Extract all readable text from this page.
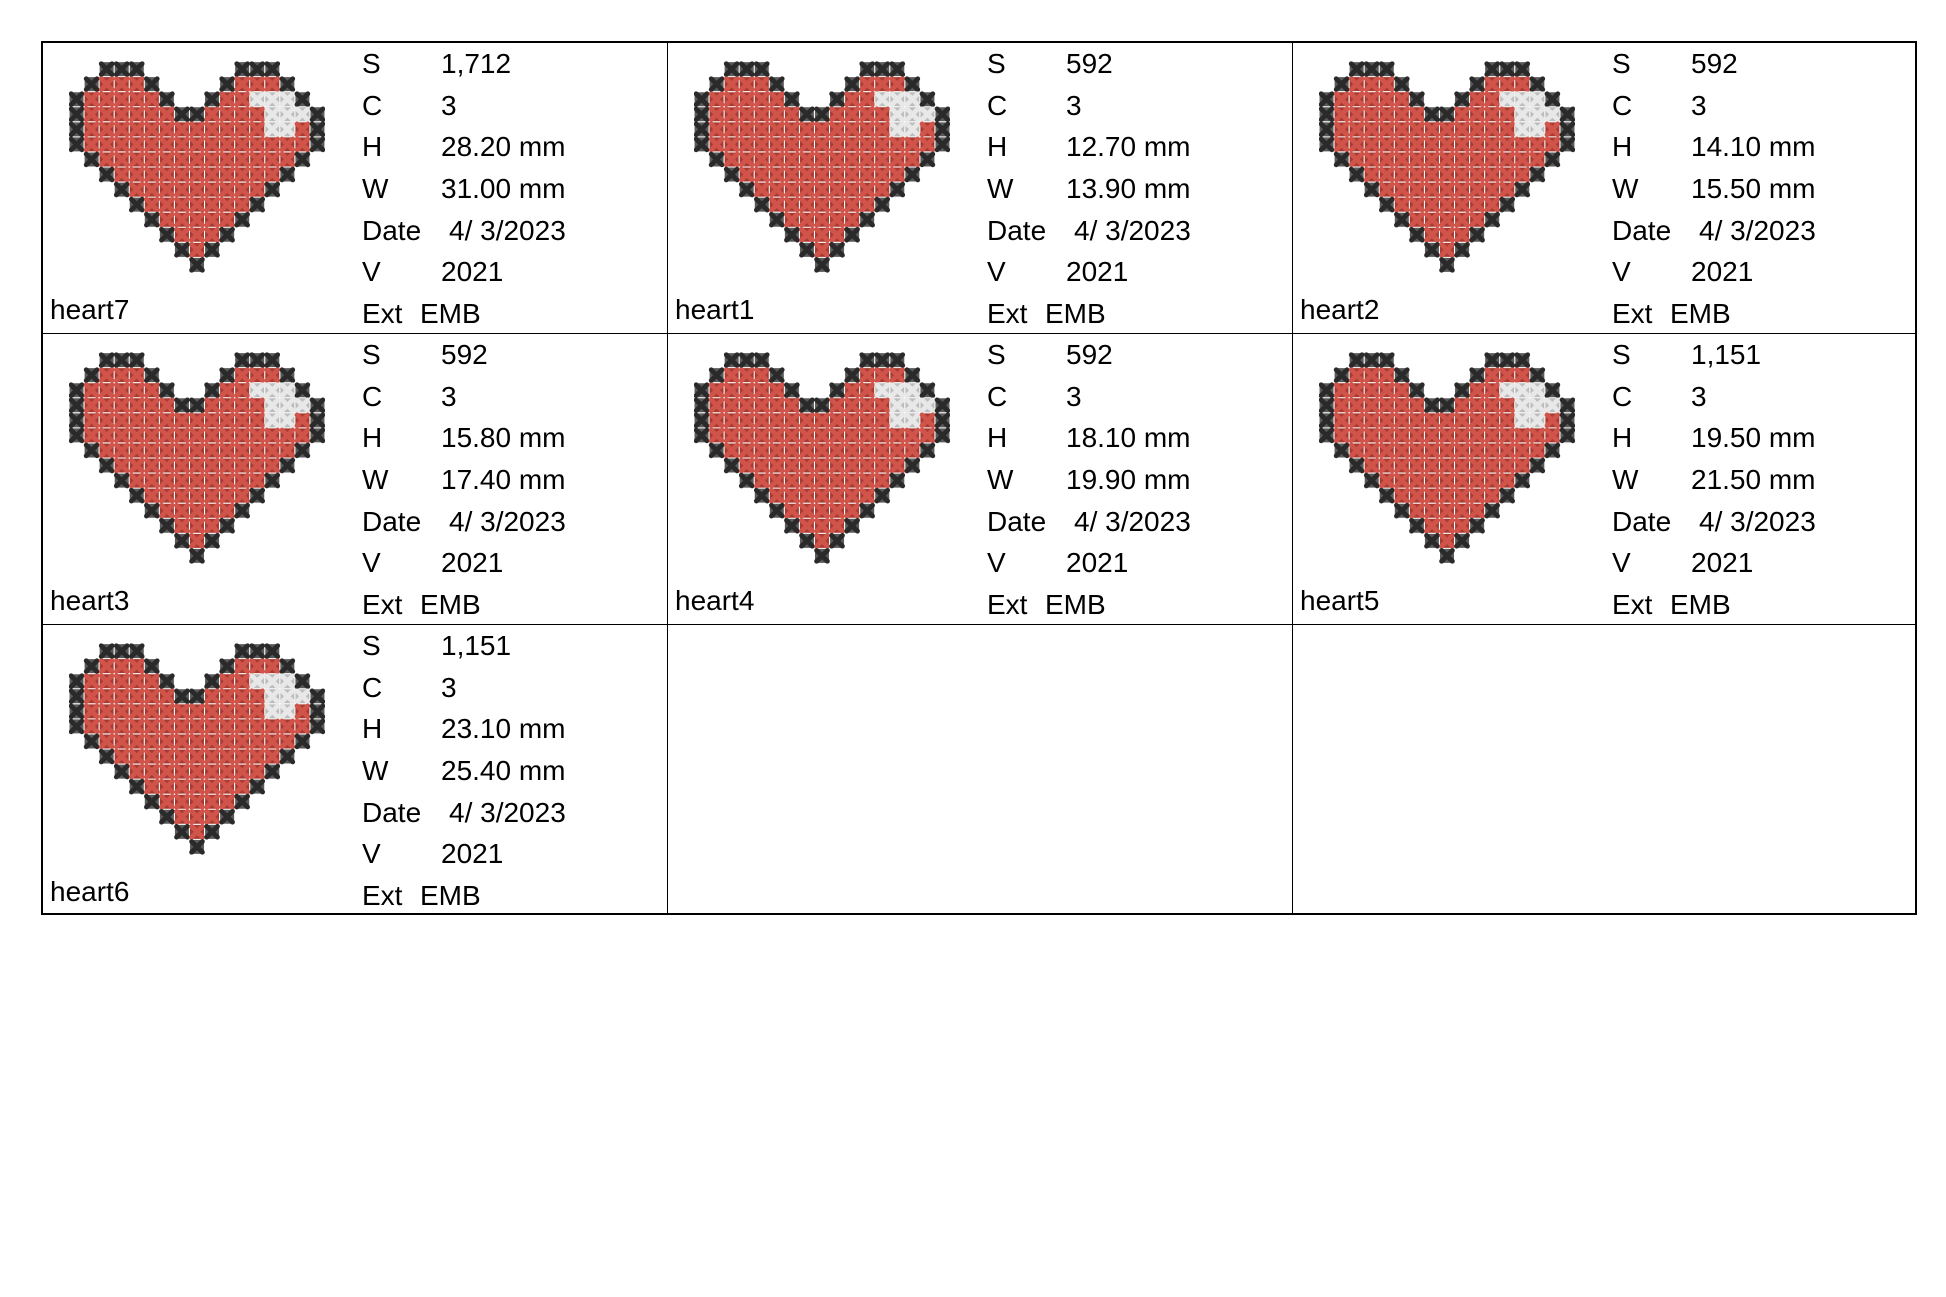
heart7
S 1,712
C 3
H 28.20 mm
W 31.00 mm
Date 4/ 3/2023
V 2021
Ext EMB	heart1
S 592
C 3
H 12.70 mm
W 13.90 mm
Date 4/ 3/2023
V 2021
Ext EMB	heart2
S 592
C 3
H 14.10 mm
W 15.50 mm
Date 4/ 3/2023
V 2021
Ext EMB
heart3
S 592
C 3
H 15.80 mm
W 17.40 mm
Date 4/ 3/2023
V 2021
Ext EMB	heart4
S 592
C 3
H 18.10 mm
W 19.90 mm
Date 4/ 3/2023
V 2021
Ext EMB	heart5
S 1,151
C 3
H 19.50 mm
W 21.50 mm
Date 4/ 3/2023
V 2021
Ext EMB
heart6
S 1,151
C 3
H 23.10 mm
W 25.40 mm
Date 4/ 3/2023
V 2021
Ext EMB
